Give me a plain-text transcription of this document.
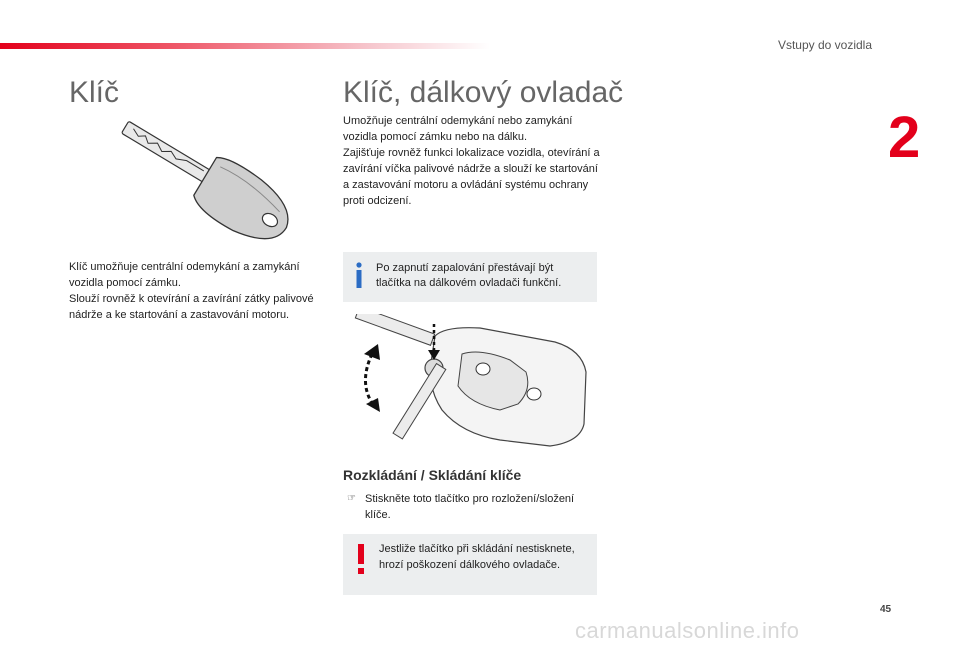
Vstupy do vozidla
2
Klíč	Klíč, dálkový ovladač

Klíč umožňuje centrální odemykání a zamykání vozidla pomocí zámku.
Slouží rovněž k otevírání a zavírání zátky palivové nádrže a ke startování a zastavování motoru.

Umožňuje centrální odemykání nebo zamykání vozidla pomocí zámku nebo na dálku.
Zajišťuje rovněž funkci lokalizace vozidla, otevírání a zavírání víčka palivové nádrže a slouží ke startování a zastavování motoru a ovládání systému ochrany proti odcizení.

Po zapnutí zapalování přestávají být tlačítka na dálkovém ovladači funkční.

Rozkládání / Skládání klíče
☞ Stiskněte toto tlačítko pro rozložení/složení klíče.

Jestliže tlačítko při skládání nestisknete, hrozí poškození dálkového ovladače.

45
carmanualsonline.info
